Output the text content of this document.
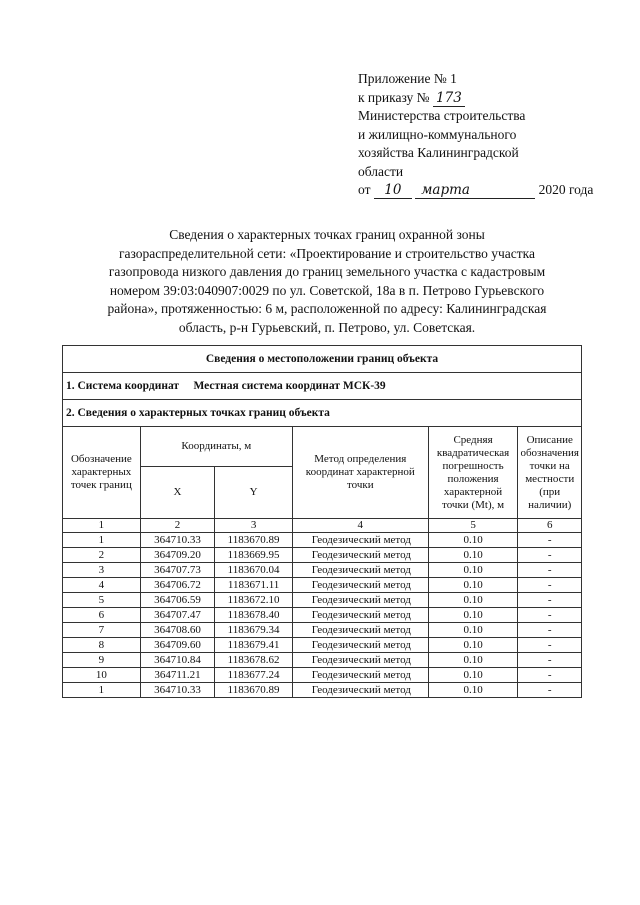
Приложение № 1
к приказу № 173
Министерства строительства
и жилищно-коммунального
хозяйства Калининградской
области
от 10 марта	2020 года
Сведения о характерных точках границ охранной зоны
газораспределительной сети: «Проектирование и строительство участка
газопровода низкого давления до границ земельного участка с кадастровым
номером 39:03:040907:0029 по ул. Советской, 18а в п. Петрово Гурьевского
района», протяженностью: 6 м, расположенной по адресу: Калининградская
область, р-н Гурьевский, п. Петрово, ул. Советская.
Сведения о местоположении границ объекта					
1. Система координат Местная система координат МСК-39					
2. Сведения о характерных точках границ объекта					
Обозначение характерных точек границ	Координаты, м		Метод определения координат характерной точки	Средняя квадратическая погрешность положения характерной точки (Mt), м	Описание обозначения точки на местности (при наличии)
	X	Y			
1	2	3	4	5	6
1	364710.33	1183670.89	Геодезический метод	0.10	-
2	364709.20	1183669.95	Геодезический метод	0.10	-
3	364707.73	1183670.04	Геодезический метод	0.10	-
4	364706.72	1183671.11	Геодезический метод	0.10	-
5	364706.59	1183672.10	Геодезический метод	0.10	-
6	364707.47	1183678.40	Геодезический метод	0.10	-
7	364708.60	1183679.34	Геодезический метод	0.10	-
8	364709.60	1183679.41	Геодезический метод	0.10	-
9	364710.84	1183678.62	Геодезический метод	0.10	-
10	364711.21	1183677.24	Геодезический метод	0.10	-
1	364710.33	1183670.89	Геодезический метод	0.10	-
